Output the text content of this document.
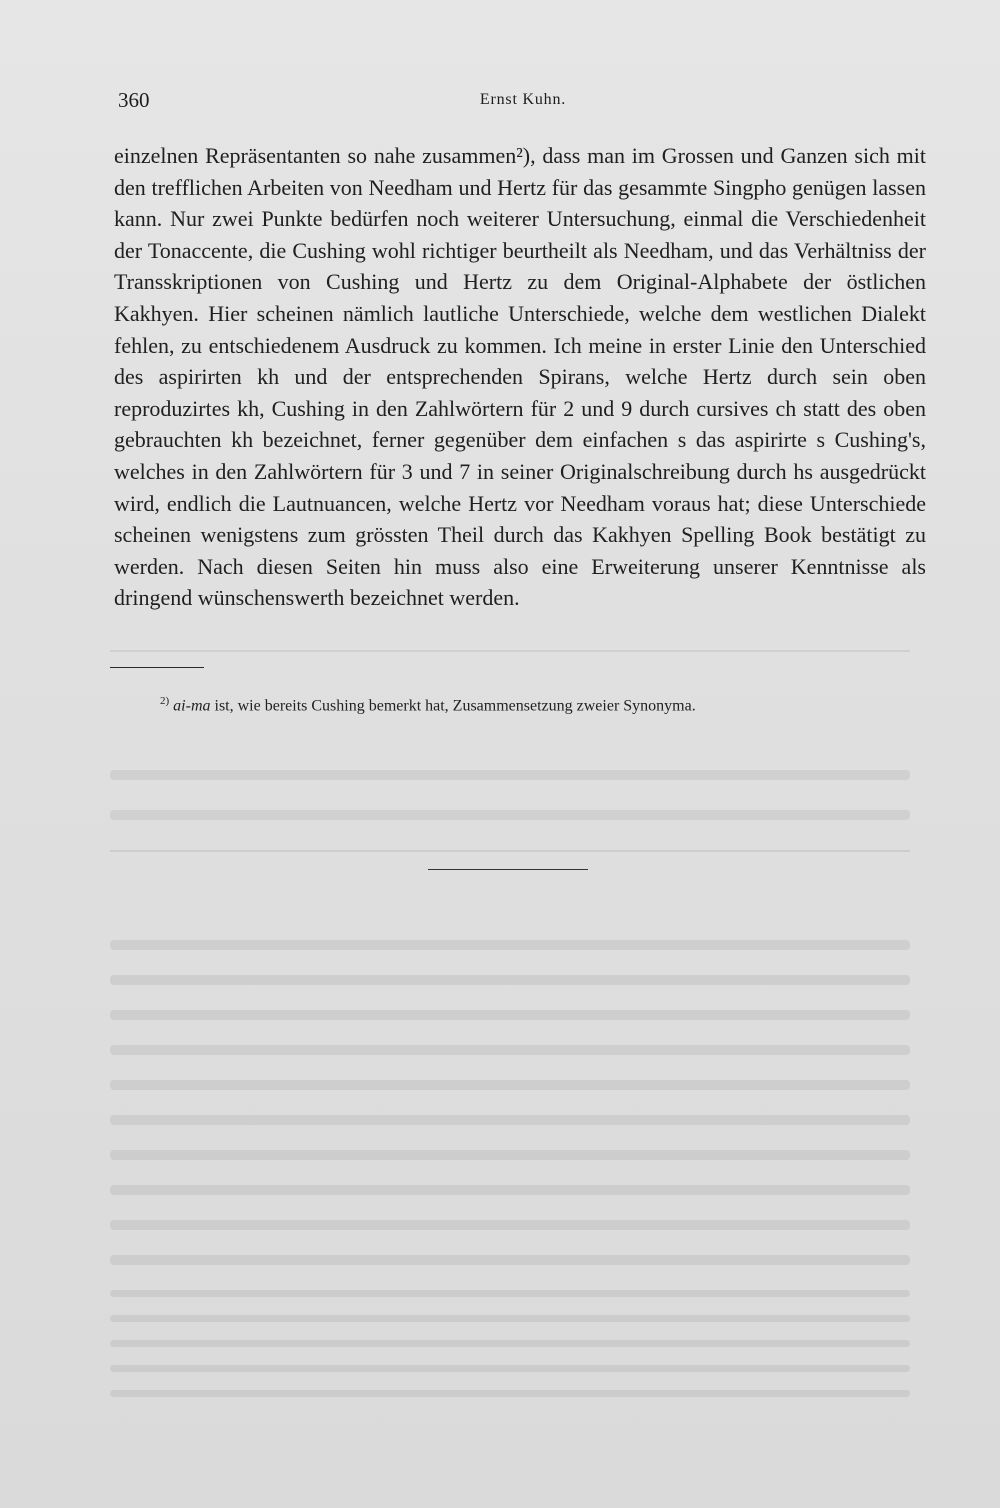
360	Ernst Kuhn.

einzelnen Repräsentanten so nahe zusammen²), dass man im Grossen und Ganzen sich mit den trefflichen Arbeiten von Needham und Hertz für das gesammte Singpho genügen lassen kann. Nur zwei Punkte bedürfen noch weiterer Untersuchung, einmal die Verschiedenheit der Tonaccente, die Cushing wohl richtiger beurtheilt als Needham, und das Verhältniss der Transskriptionen von Cushing und Hertz zu dem Original-Alphabete der östlichen Kakhyen. Hier scheinen nämlich lautliche Unterschiede, welche dem westlichen Dialekt fehlen, zu entschiedenem Ausdruck zu kommen. Ich meine in erster Linie den Unterschied des aspirirten kh und der entsprechenden Spirans, welche Hertz durch sein oben reproduzirtes kh, Cushing in den Zahlwörtern für 2 und 9 durch cursives ch statt des oben gebrauchten kh bezeichnet, ferner gegenüber dem einfachen s das aspirirte s Cushing's, welches in den Zahlwörtern für 3 und 7 in seiner Originalschreibung durch hs ausgedrückt wird, endlich die Lautnuancen, welche Hertz vor Needham voraus hat; diese Unterschiede scheinen wenigstens zum grössten Theil durch das Kakhyen Spelling Book bestätigt zu werden. Nach diesen Seiten hin muss also eine Erweiterung unserer Kenntnisse als dringend wünschenswerth bezeichnet werden.

$^{2)}$ ai-ma ist, wie bereits Cushing bemerkt hat, Zusammensetzung zweier Synonyma.
